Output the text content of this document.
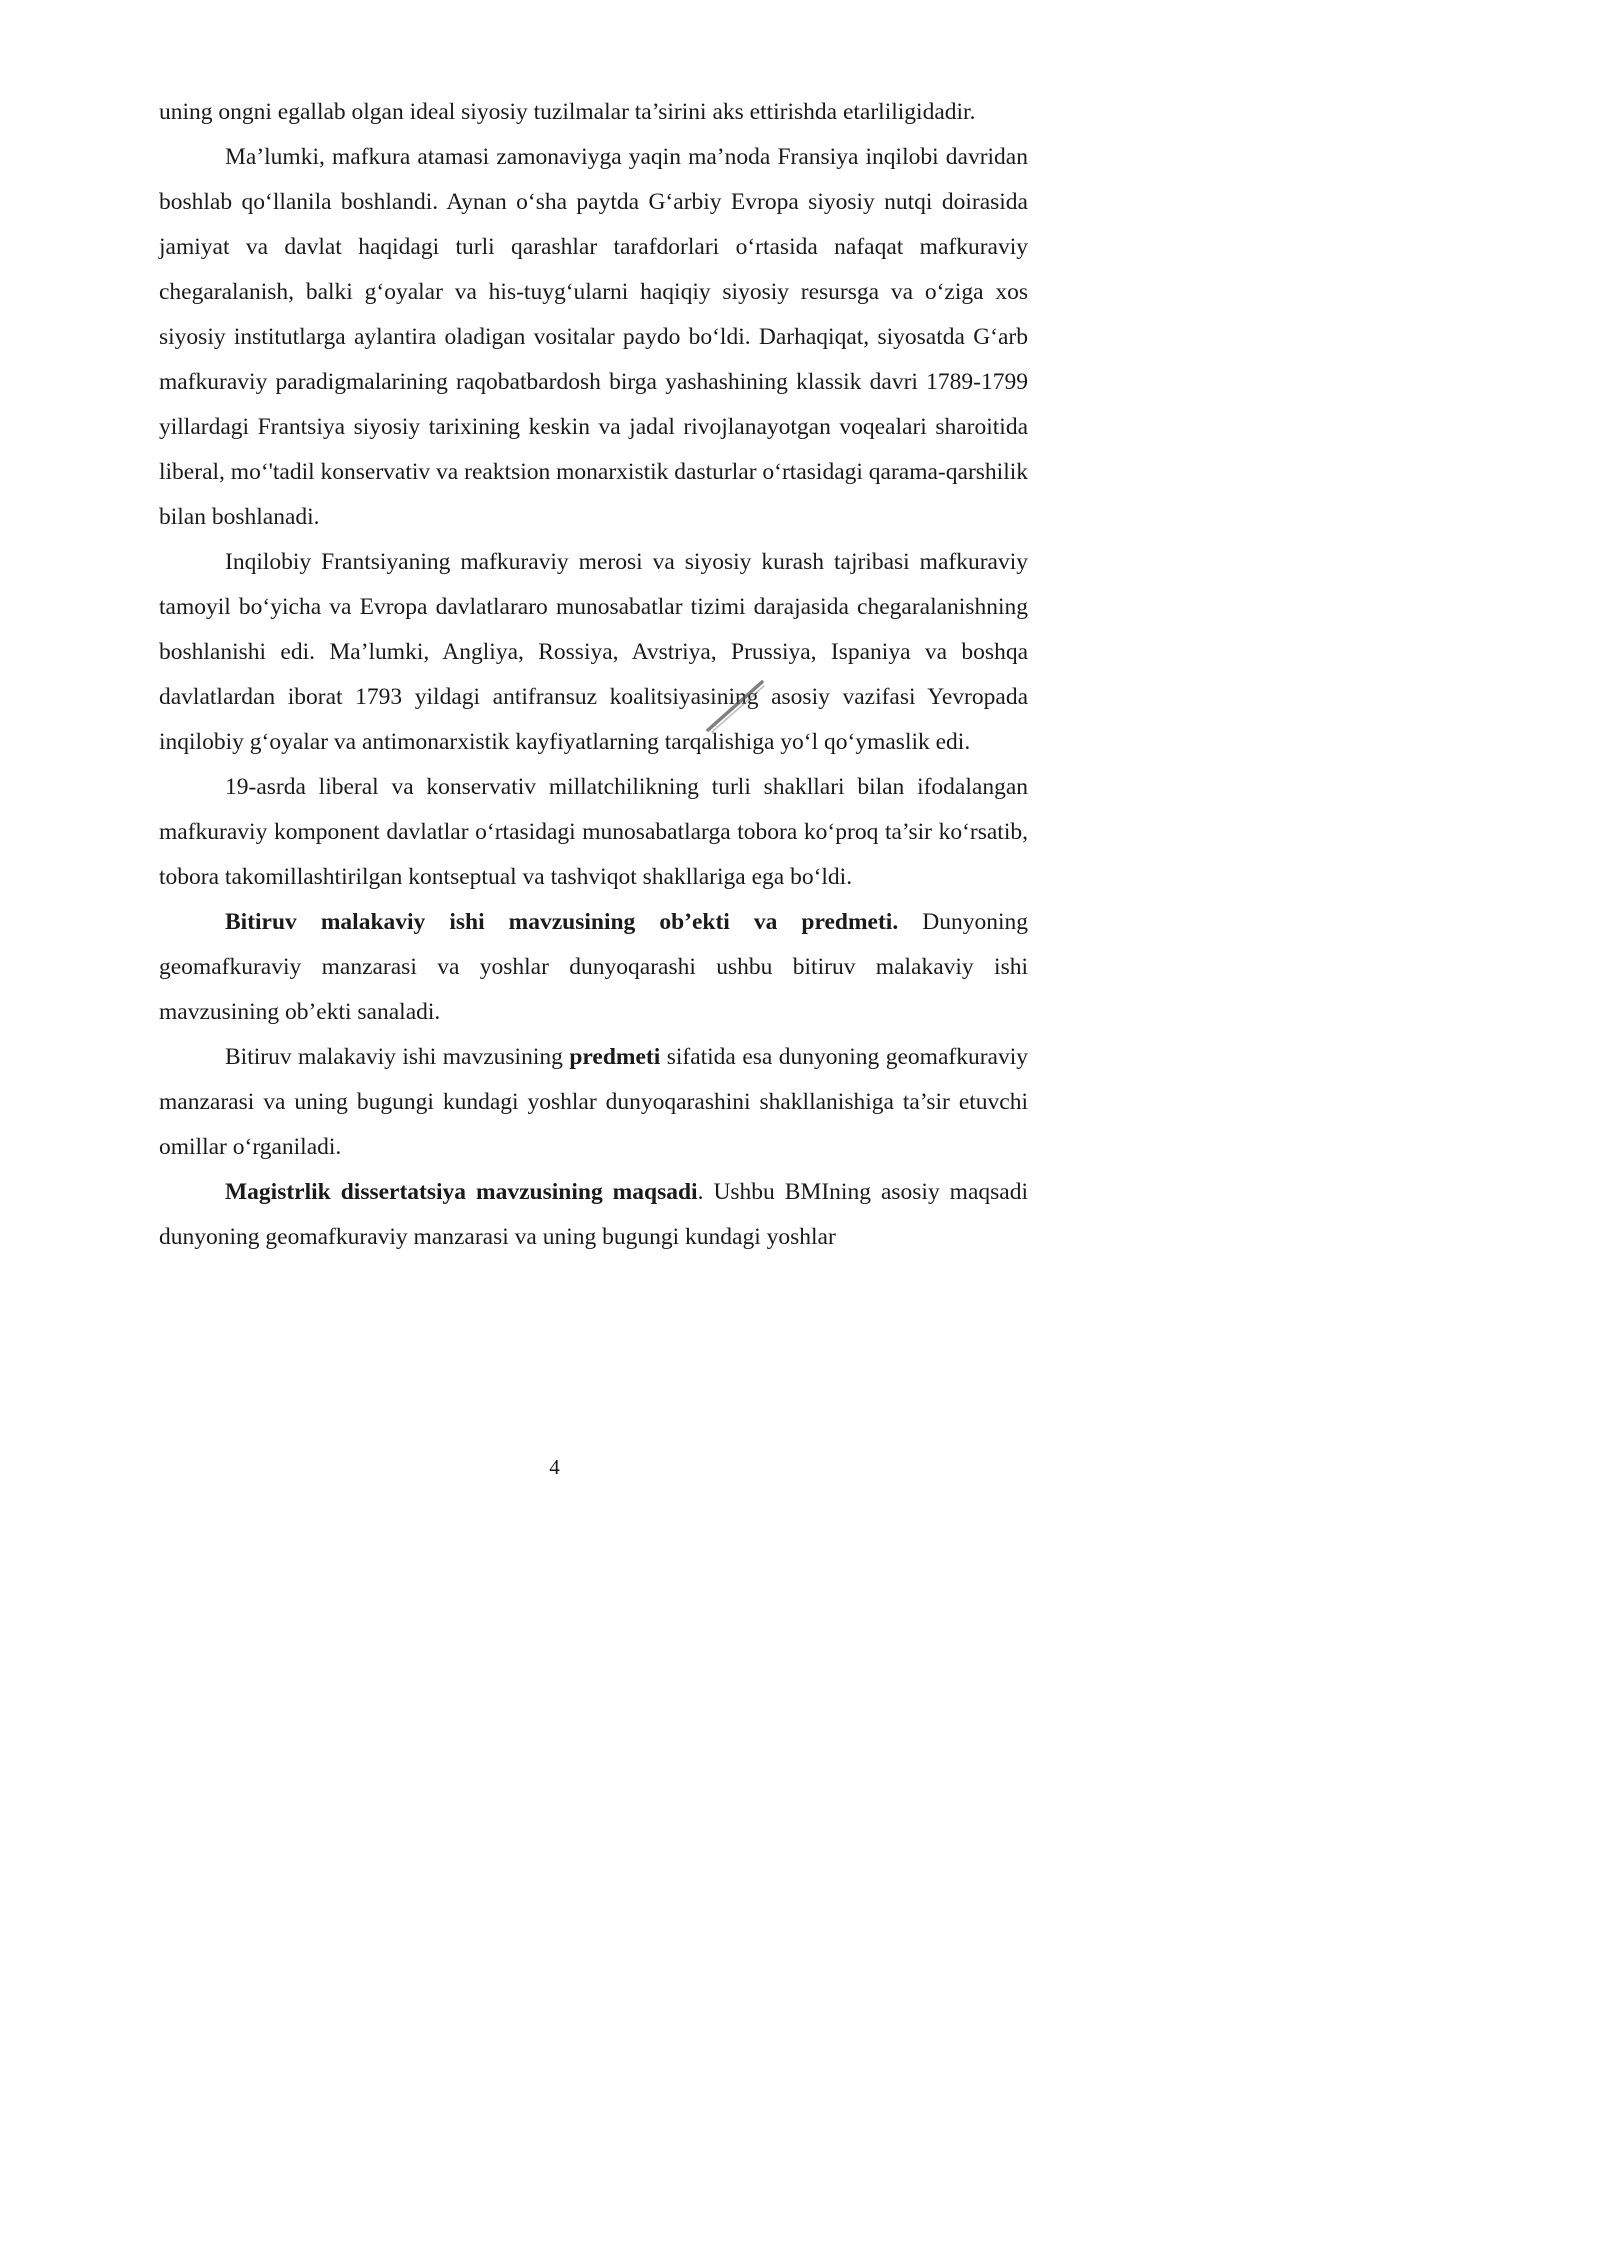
uning ongni egallab olgan ideal siyosiy tuzilmalar ta’sirini aks ettirishda etarliligidadir.

Ma’lumki, mafkura atamasi zamonaviyga yaqin ma’noda Fransiya inqilobi davridan boshlab qo‘llanila boshlandi. Aynan o‘sha paytda G‘arbiy Evropa siyosiy nutqi doirasida jamiyat va davlat haqidagi turli qarashlar tarafdorlari o‘rtasida nafaqat mafkuraviy chegaralanish, balki g‘oyalar va his-tuyg‘ularni haqiqiy siyosiy resursga va o‘ziga xos siyosiy institutlarga aylantira oladigan vositalar paydo bo‘ldi. Darhaqiqat, siyosatda G‘arb mafkuraviy paradigmalarining raqobatbardosh birga yashashining klassik davri 1789-1799 yillardagi Frantsiya siyosiy tarixining keskin va jadal rivojlanayotgan voqealari sharoitida liberal, mo‘'tadil konservativ va reaktsion monarxistik dasturlar o‘rtasidagi qarama-qarshilik bilan boshlanadi.

Inqilobiy Frantsiyaning mafkuraviy merosi va siyosiy kurash tajribasi mafkuraviy tamoyil bo‘yicha va Evropa davlatlararo munosabatlar tizimi darajasida chegaralanishning boshlanishi edi. Ma’lumki, Angliya, Rossiya, Avstriya, Prussiya, Ispaniya va boshqa davlatlardan iborat 1793 yildagi antifransuz koalitsiyasining asosiy vazifasi Yevropada inqilobiy g‘oyalar va antimonarxistik kayfiyatlarning tarqalishiga yo‘l qo‘ymaslik edi.

19-asrda liberal va konservativ millatchilikning turli shakllari bilan ifodalangan mafkuraviy komponent davlatlar o‘rtasidagi munosabatlarga tobora ko‘proq ta’sir ko‘rsatib, tobora takomillashtirilgan kontseptual va tashviqot shakllariga ega bo‘ldi.

Bitiruv malakaviy ishi mavzusining ob’ekti va predmeti. Dunyoning geomafkuraviy manzarasi va yoshlar dunyoqarashi ushbu bitiruv malakaviy ishi mavzusining ob’ekti sanaladi.

Bitiruv malakaviy ishi mavzusining predmeti sifatida esa dunyoning geomafkuraviy manzarasi va uning bugungi kundagi yoshlar dunyoqarashini shakllanishiga ta’sir etuvchi omillar o‘rganiladi.

Magistrlik dissertatsiya mavzusining maqsadi. Ushbu BMIning asosiy maqsadi dunyoning geomafkuraviy manzarasi va uning bugungi kundagi yoshlar

4
